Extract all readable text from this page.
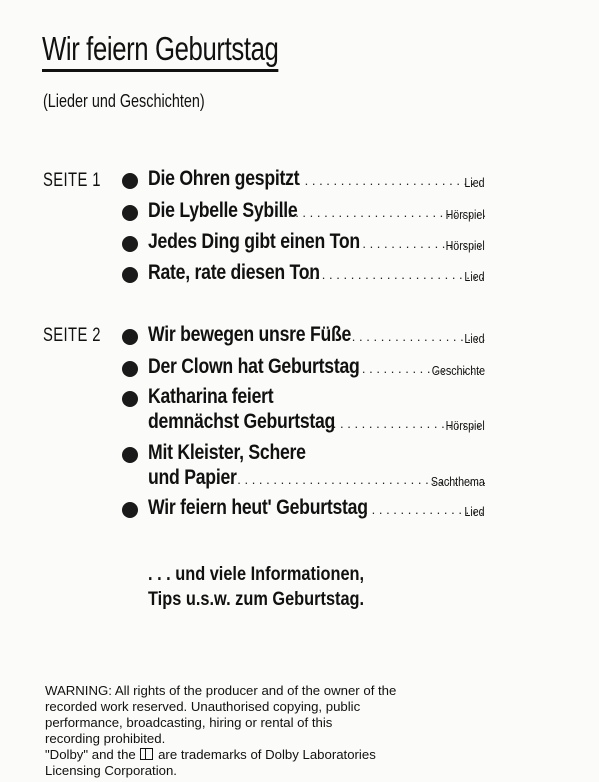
Wir feiern Geburtstag
(Lieder und Geschichten)
SEITE 1 Die Ohren gespitzt . . .	Lied
Die Lybelle Sybille . . .	Hörspiel
Jedes Ding gibt einen Ton . . .	Hörspiel
Rate, rate diesen Ton . . .	Lied
SEITE 2 Wir bewegen unsre Füße . . .	Lied
Der Clown hat Geburtstag . . .	Geschichte
Katharina feiert
demnächst Geburtstag . . .	Hörspiel
Mit Kleister, Schere
und Papier . . .	Sachthema
Wir feiern heut' Geburtstag . . .	Lied
. . . und viele Informationen,
Tips u.s.w. zum Geburtstag.
WARNING: All rights of the producer and of the owner of the
recorded work reserved. Unauthorised copying, public
performance, broadcasting, hiring or rental of this
recording prohibited.
"Dolby" and the are trademarks of Dolby Laboratories
Licensing Corporation.
